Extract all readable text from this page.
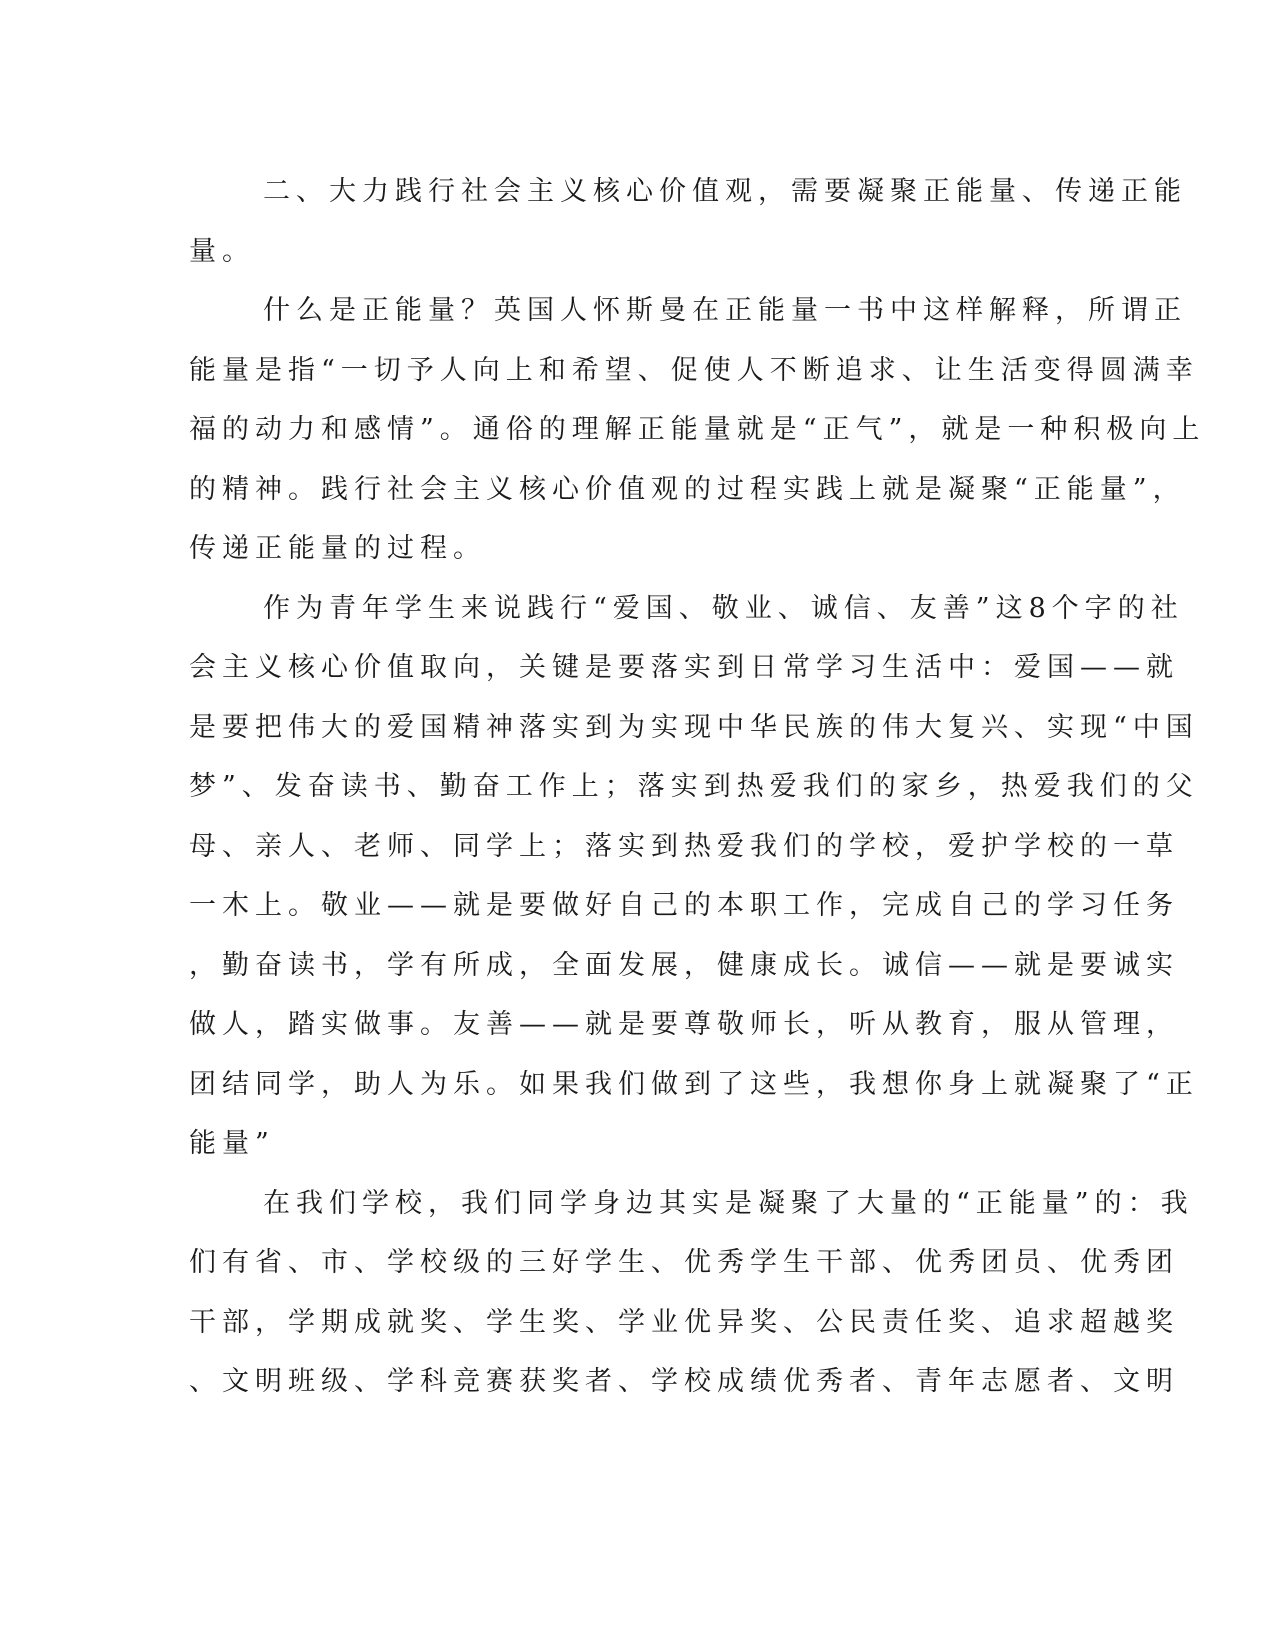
二、大力践行社会主义核心价值观，需要凝聚正能量、传递正能
量。
什么是正能量？英国人怀斯曼在正能量一书中这样解释，所谓正
能量是指“一切予人向上和希望、促使人不断追求、让生活变得圆满幸
福的动力和感情”。通俗的理解正能量就是“正气”，就是一种积极向上
的精神。践行社会主义核心价值观的过程实践上就是凝聚“正能量”，
传递正能量的过程。
作为青年学生来说践行“爱国、敬业、诚信、友善”这8个字的社
会主义核心价值取向，关键是要落实到日常学习生活中：爱国——就
是要把伟大的爱国精神落实到为实现中华民族的伟大复兴、实现“中国
梦”、发奋读书、勤奋工作上；落实到热爱我们的家乡，热爱我们的父
母、亲人、老师、同学上；落实到热爱我们的学校，爱护学校的一草
一木上。敬业——就是要做好自己的本职工作，完成自己的学习任务
，勤奋读书，学有所成，全面发展，健康成长。诚信——就是要诚实
做人，踏实做事。友善——就是要尊敬师长，听从教育，服从管理，
团结同学，助人为乐。如果我们做到了这些，我想你身上就凝聚了“正
能量”
在我们学校，我们同学身边其实是凝聚了大量的“正能量”的：我
们有省、市、学校级的三好学生、优秀学生干部、优秀团员、优秀团
干部，学期成就奖、学生奖、学业优异奖、公民责任奖、追求超越奖
、文明班级、学科竞赛获奖者、学校成绩优秀者、青年志愿者、文明
